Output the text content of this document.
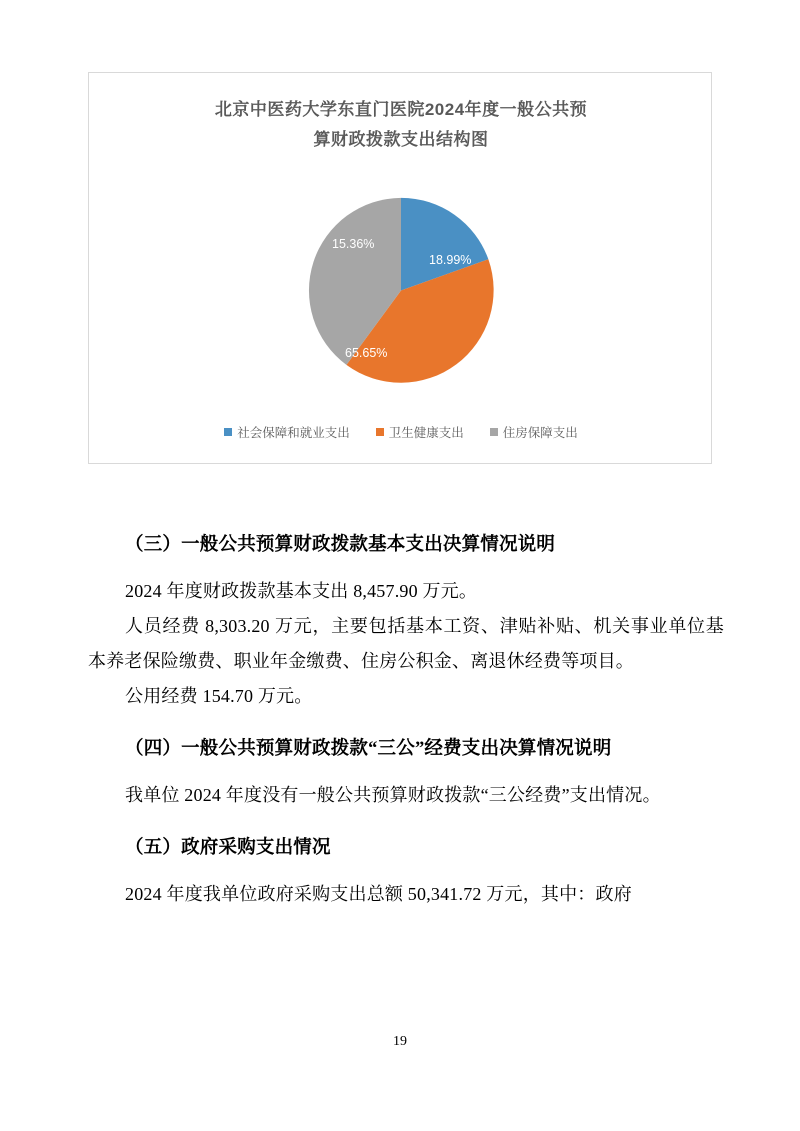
北京中医药大学东直门医院2024年度一般公共预
算财政拨款支出结构图
18.99%
65.65%
15.36%
社会保障和就业支出	卫生健康支出	住房保障支出
（三）一般公共预算财政拨款基本支出决算情况说明

2024 年度财政拨款基本支出 8,457.90 万元。

人员经费 8,303.20 万元，主要包括基本工资、津贴补贴、机关事业单位基本养老保险缴费、职业年金缴费、住房公积金、离退休经费等项目。

公用经费 154.70 万元。

（四）一般公共预算财政拨款“三公”经费支出决算情况说明

我单位 2024 年度没有一般公共预算财政拨款“三公经费”支出情况。

（五）政府采购支出情况

2024 年度我单位政府采购支出总额 50,341.72 万元，其中：政府

19
